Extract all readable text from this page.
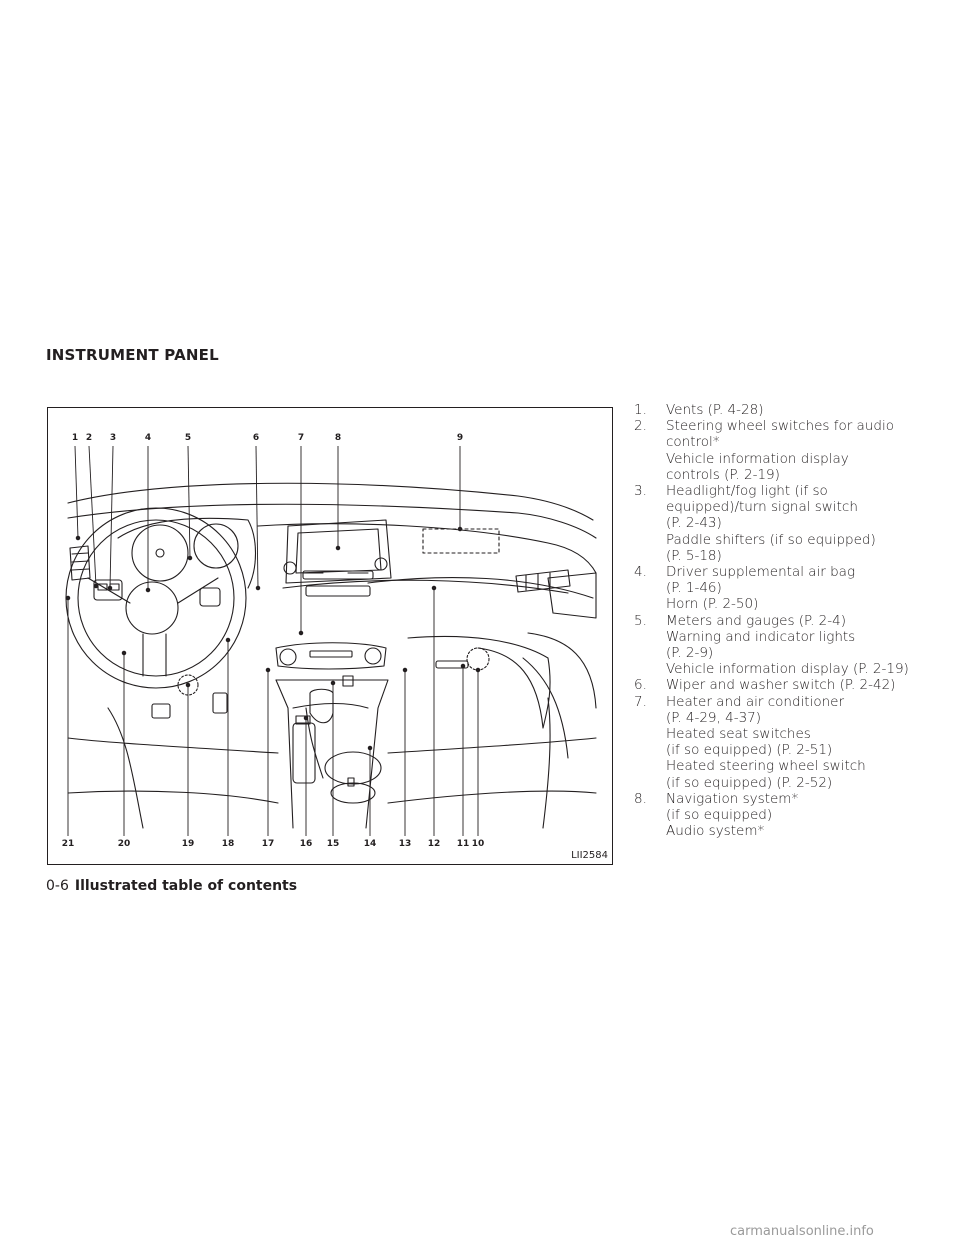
INSTRUMENT PANEL
1 2 3	4	5	6	7	8	9
21	20	19	18	17	16 15	14 13 12 11 10
LII2584
1. Vents (P. 4-28)
2. Steering wheel switches for audio
control*
Vehicle information display
controls (P. 2-19)
3. Headlight/fog light (if so
equipped)/turn signal switch
(P. 2-43)
Paddle shifters (if so equipped)
(P. 5-18)
4. Driver supplemental air bag
(P. 1-46)
Horn (P. 2-50)
5. Meters and gauges (P. 2-4)
Warning and indicator lights
(P. 2-9)
Vehicle information display (P. 2-19)
6. Wiper and washer switch (P. 2-42)
7. Heater and air conditioner
(P. 4-29, 4-37)
Heated seat switches
(if so equipped) (P. 2-51)
Heated steering wheel switch
(if so equipped) (P. 2-52)
8. Navigation system*
(if so equipped)
Audio system*
0-6 Illustrated table of contents
carmanualsonline.info
